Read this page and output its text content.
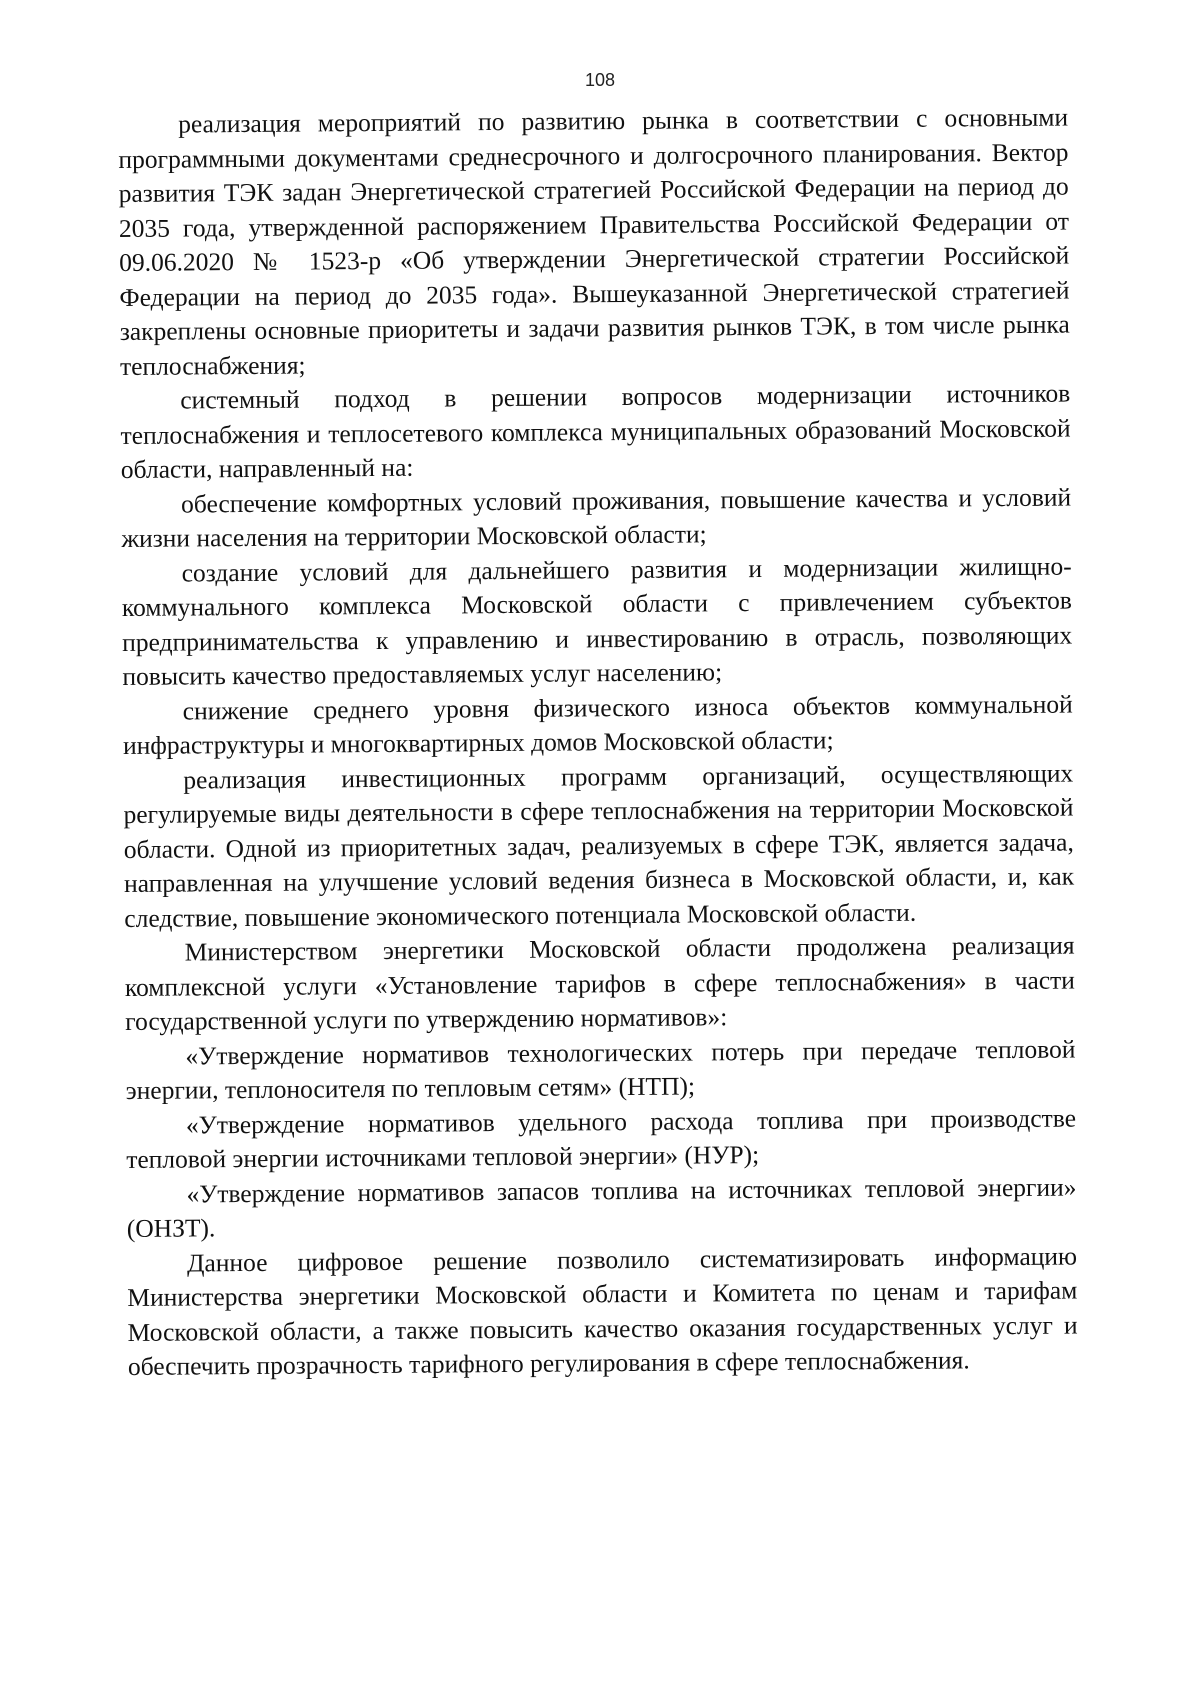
108

реализация мероприятий по развитию рынка в соответствии с основными программными документами среднесрочного и долгосрочного планирования. Вектор развития ТЭК задан Энергетической стратегией Российской Федерации на период до 2035 года, утвержденной распоряжением Правительства Российской Федерации от 09.06.2020 № 1523-р «Об утверждении Энергетической стратегии Российской Федерации на период до 2035 года». Вышеуказанной Энергетической стратегией закреплены основные приоритеты и задачи развития рынков ТЭК, в том числе рынка теплоснабжения;

системный подход в решении вопросов модернизации источников теплоснабжения и теплосетевого комплекса муниципальных образований Московской области, направленный на:

обеспечение комфортных условий проживания, повышение качества и условий жизни населения на территории Московской области;

создание условий для дальнейшего развития и модернизации жилищно-коммунального комплекса Московской области с привлечением субъектов предпринимательства к управлению и инвестированию в отрасль, позволяющих повысить качество предоставляемых услуг населению;

снижение среднего уровня физического износа объектов коммунальной инфраструктуры и многоквартирных домов Московской области;

реализация инвестиционных программ организаций, осуществляющих регулируемые виды деятельности в сфере теплоснабжения на территории Московской области. Одной из приоритетных задач, реализуемых в сфере ТЭК, является задача, направленная на улучшение условий ведения бизнеса в Московской области, и, как следствие, повышение экономического потенциала Московской области.

Министерством энергетики Московской области продолжена реализация комплексной услуги «Установление тарифов в сфере теплоснабжения» в части государственной услуги по утверждению нормативов»:

«Утверждение нормативов технологических потерь при передаче тепловой энергии, теплоносителя по тепловым сетям» (НТП);

«Утверждение нормативов удельного расхода топлива при производстве тепловой энергии источниками тепловой энергии» (НУР);

«Утверждение нормативов запасов топлива на источниках тепловой энергии» (ОНЗТ).

Данное цифровое решение позволило систематизировать информацию Министерства энергетики Московской области и Комитета по ценам и тарифам Московской области, а также повысить качество оказания государственных услуг и обеспечить прозрачность тарифного регулирования в сфере теплоснабжения.
